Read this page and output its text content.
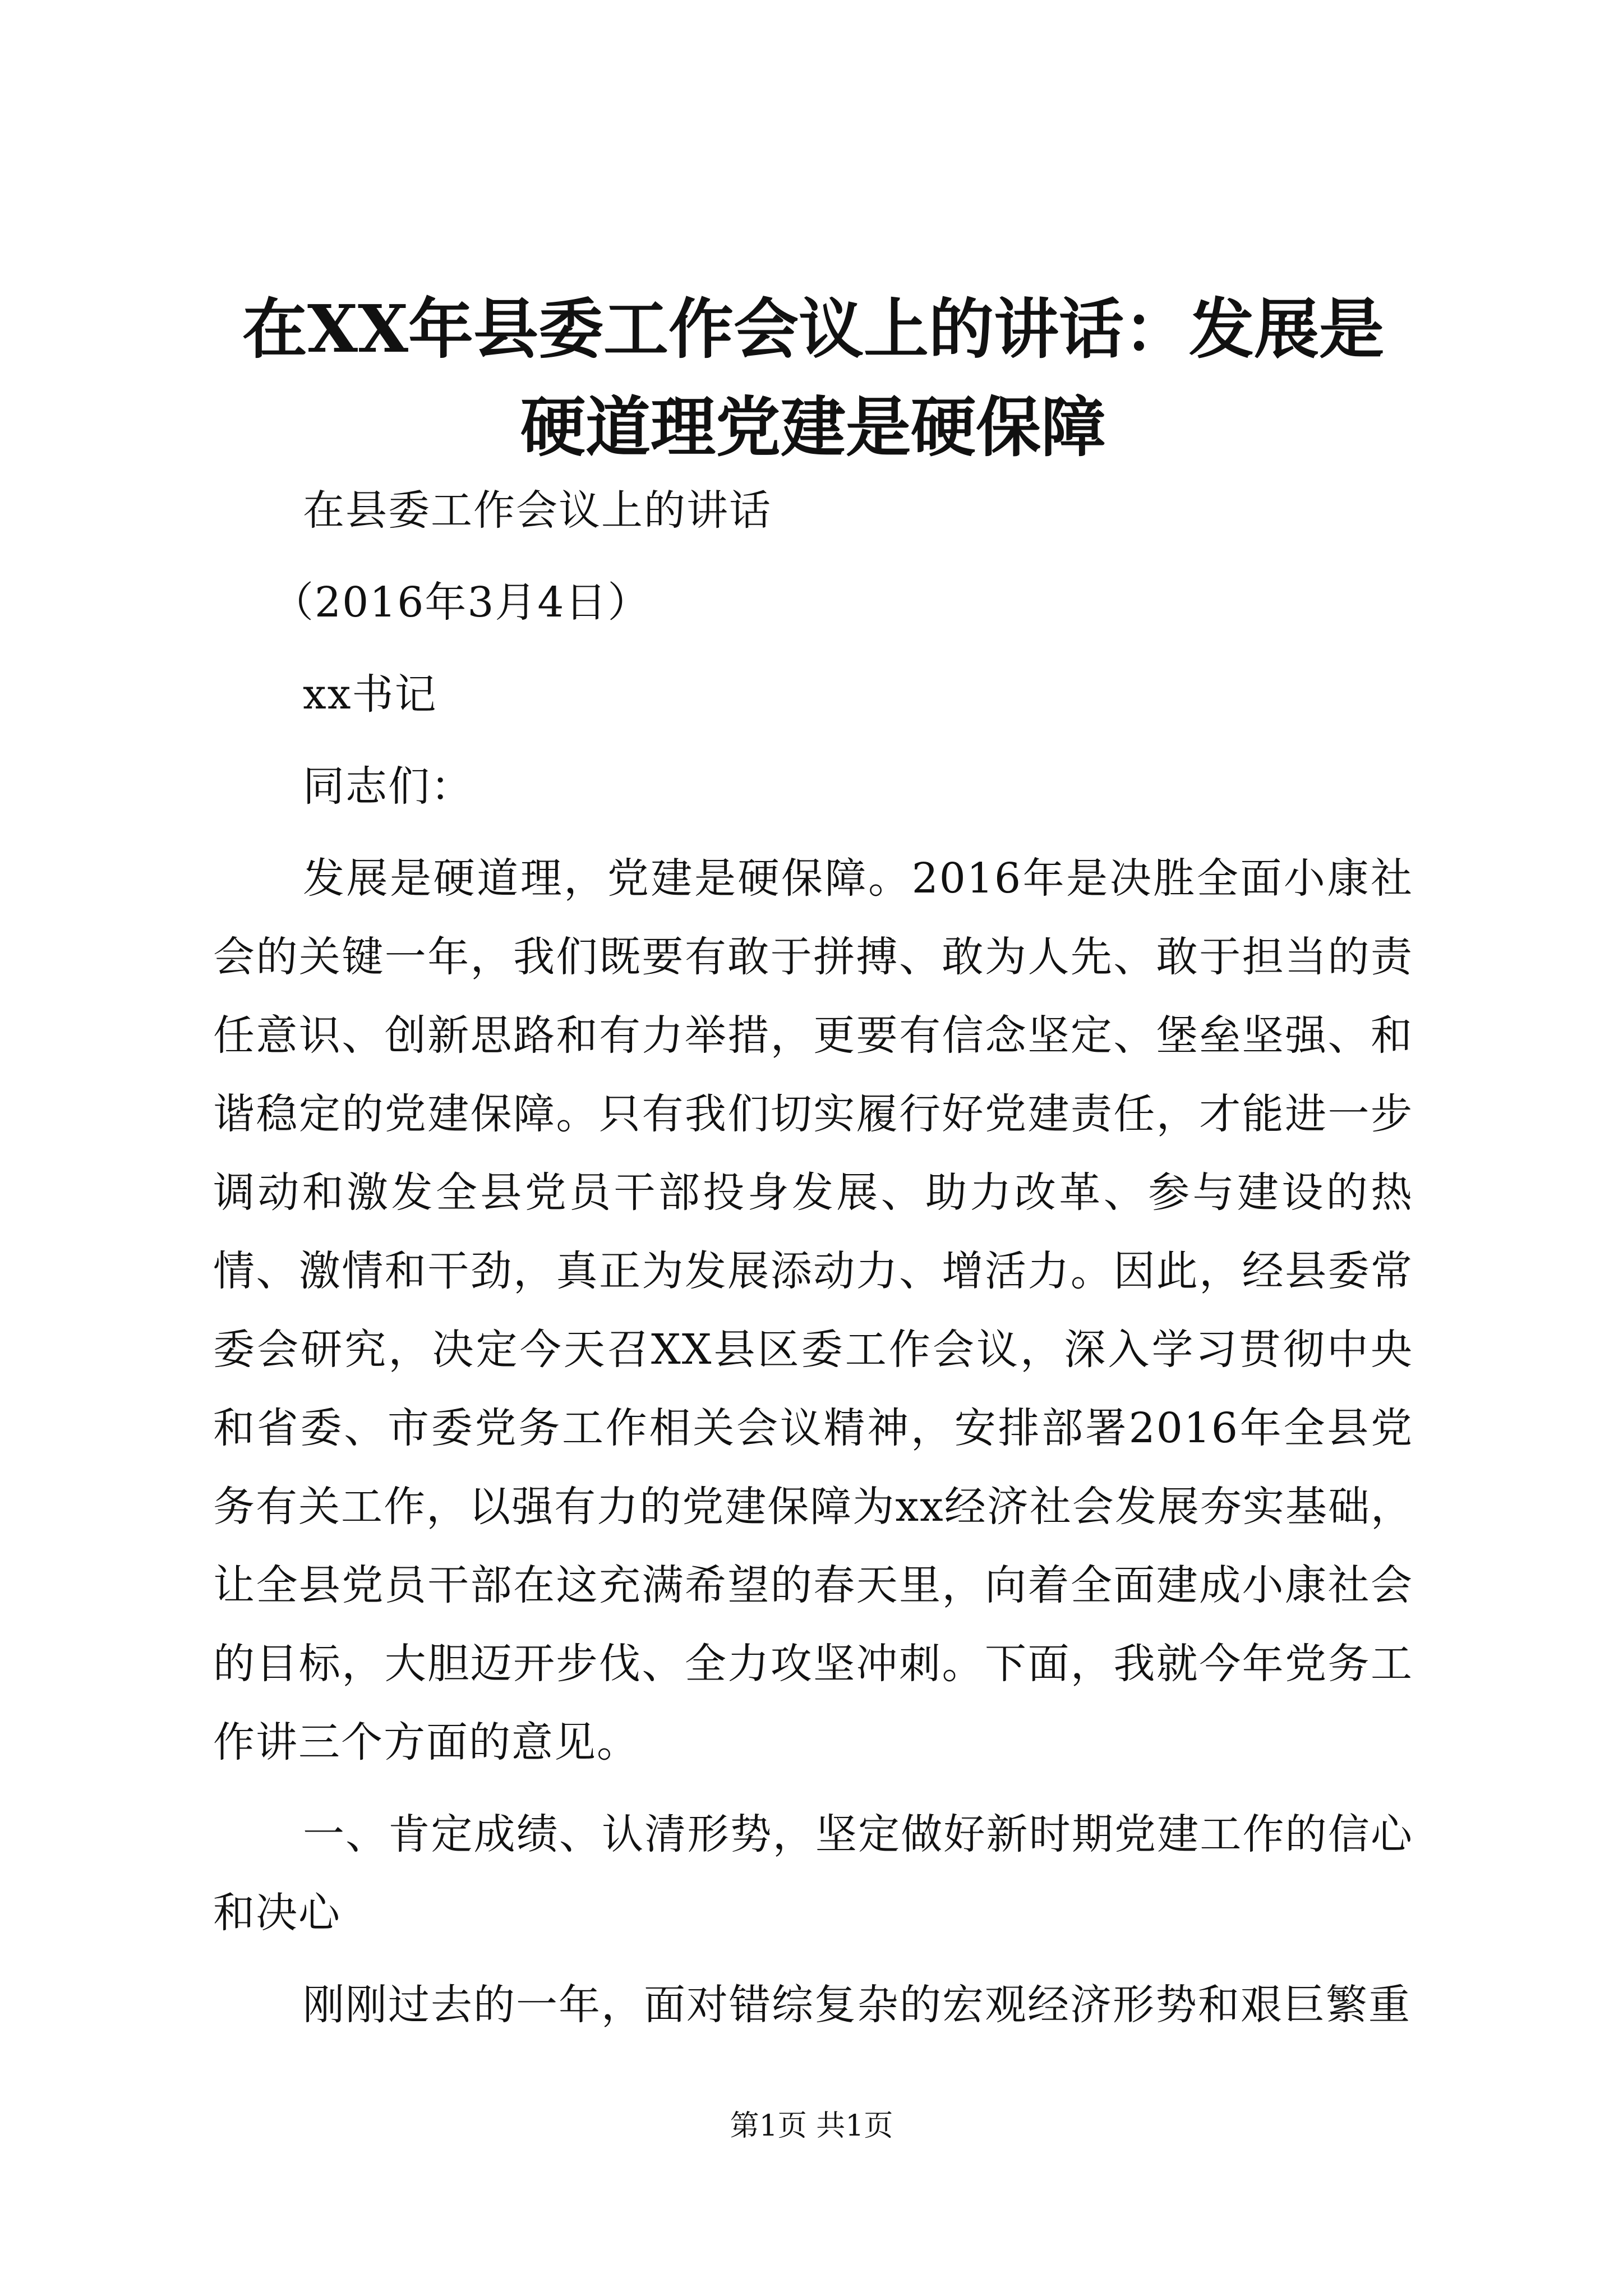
在XX年县委工作会议上的讲话：发展是硬道理党建是硬保障

在县委工作会议上的讲话

（2016年3月4日）

xx书记

同志们：

发展是硬道理，党建是硬保障。2016年是决胜全面小康社会的关键一年，我们既要有敢于拼搏、敢为人先、敢于担当的责任意识、创新思路和有力举措，更要有信念坚定、堡垒坚强、和谐稳定的党建保障。只有我们切实履行好党建责任，才能进一步调动和激发全县党员干部投身发展、助力改革、参与建设的热情、激情和干劲，真正为发展添动力、增活力。因此，经县委常委会研究，决定今天召XX县区委工作会议，深入学习贯彻中央和省委、市委党务工作相关会议精神，安排部署2016年全县党务有关工作，以强有力的党建保障为xx经济社会发展夯实基础，让全县党员干部在这充满希望的春天里，向着全面建成小康社会的目标，大胆迈开步伐、全力攻坚冲刺。下面，我就今年党务工作讲三个方面的意见。

一、肯定成绩、认清形势，坚定做好新时期党建工作的信心和决心

刚刚过去的一年，面对错综复杂的宏观经济形势和艰巨繁重

第1页 共1页
